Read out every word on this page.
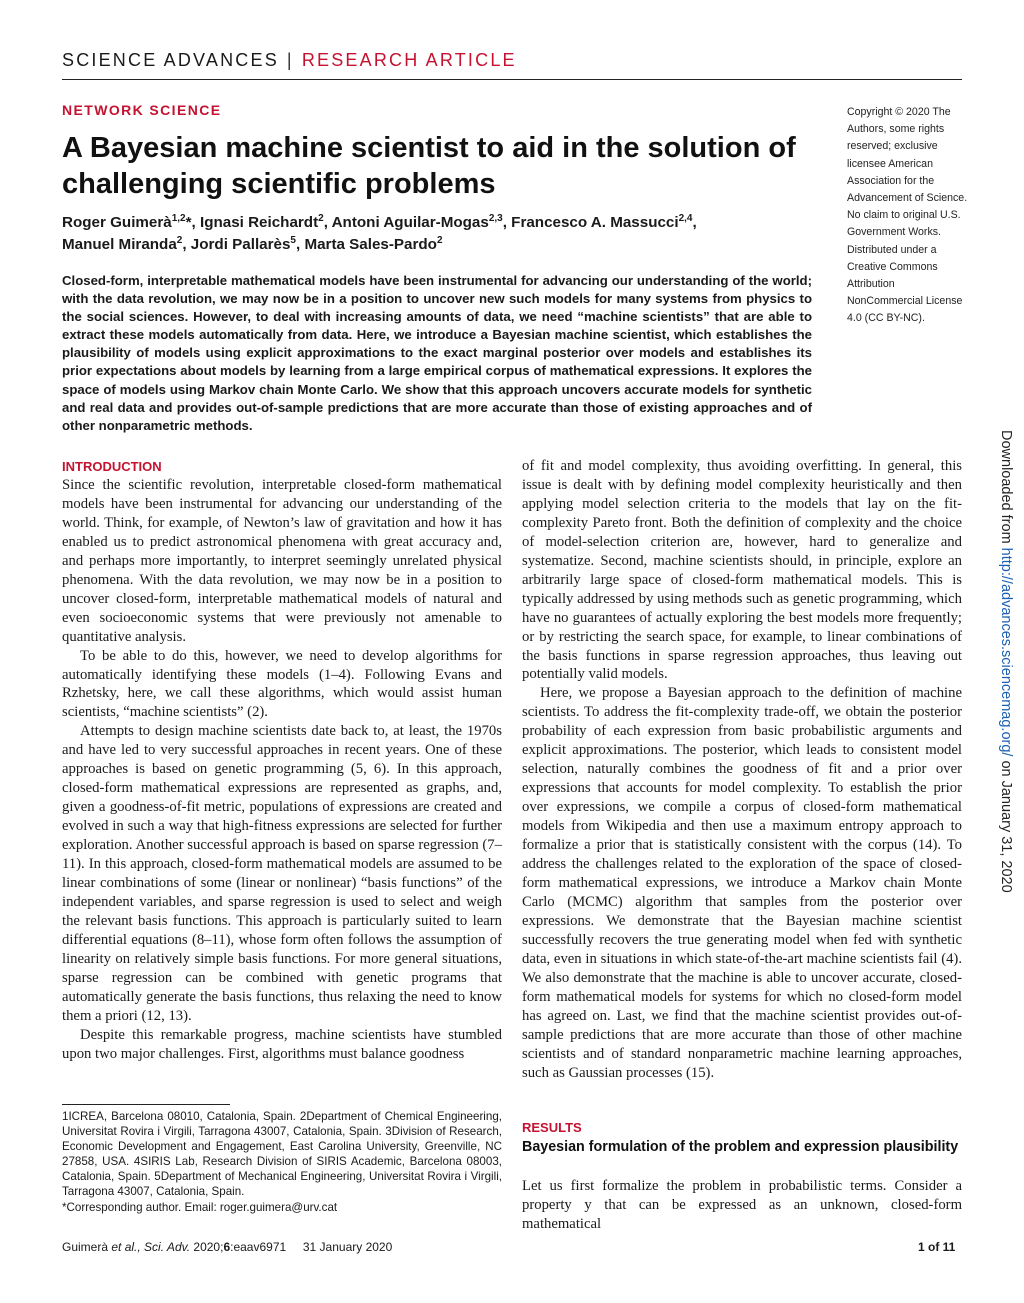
SCIENCE ADVANCES | RESEARCH ARTICLE
NETWORK SCIENCE
A Bayesian machine scientist to aid in the solution of challenging scientific problems
Roger Guimerà$^{1,2}$*, Ignasi Reichardt$^2$, Antoni Aguilar-Mogas$^{2,3}$, Francesco A. Massucci$^{2,4}$,
Manuel Miranda$^2$, Jordi Pallarès$^5$, Marta Sales-Pardo$^2$
Closed-form, interpretable mathematical models have been instrumental for advancing our understanding of the world; with the data revolution, we may now be in a position to uncover new such models for many systems from physics to the social sciences. However, to deal with increasing amounts of data, we need “machine scientists” that are able to extract these models automatically from data. Here, we introduce a Bayesian machine scientist, which establishes the plausibility of models using explicit approximations to the exact marginal posterior over models and establishes its prior expectations about models by learning from a large empirical corpus of mathematical expressions. It explores the space of models using Markov chain Monte Carlo. We show that this approach uncovers accurate models for synthetic and real data and provides out-of-sample predictions that are more accurate than those of existing approaches and of other nonparametric methods.
Copyright © 2020 The Authors, some rights reserved; exclusive licensee American Association for the Advancement of Science. No claim to original U.S. Government Works. Distributed under a Creative Commons Attribution NonCommercial License 4.0 (CC BY-NC).
Downloaded from http://advances.sciencemag.org/ on January 31, 2020
INTRODUCTION

Since the scientific revolution, interpretable closed-form mathematical models have been instrumental for advancing our understanding of the world. Think, for example, of Newton’s law of gravitation and how it has enabled us to predict astronomical phenomena with great accuracy and, and perhaps more importantly, to interpret seemingly unrelated physical phenomena. With the data revolution, we may now be in a position to uncover closed-form, interpretable mathematical models of natural and even socioeconomic systems that were previously not amenable to quantitative analysis.

To be able to do this, however, we need to develop algorithms for automatically identifying these models (1–4). Following Evans and Rzhetsky, here, we call these algorithms, which would assist human scientists, “machine scientists” (2).

Attempts to design machine scientists date back to, at least, the 1970s and have led to very successful approaches in recent years. One of these approaches is based on genetic programming (5, 6). In this approach, closed-form mathematical expressions are represented as graphs, and, given a goodness-of-fit metric, populations of expressions are created and evolved in such a way that high-fitness expressions are selected for further exploration. Another successful approach is based on sparse regression (7–11). In this approach, closed-form mathematical models are assumed to be linear combinations of some (linear or nonlinear) “basis functions” of the independent variables, and sparse regression is used to select and weigh the relevant basis functions. This approach is particularly suited to learn differential equations (8–11), whose form often follows the assumption of linearity on relatively simple basis functions. For more general situations, sparse regression can be combined with genetic programs that automatically generate the basis functions, thus relaxing the need to know them a priori (12, 13).

Despite this remarkable progress, machine scientists have stumbled upon two major challenges. First, algorithms must balance goodness

of fit and model complexity, thus avoiding overfitting. In general, this issue is dealt with by defining model complexity heuristically and then applying model selection criteria to the models that lay on the fit-complexity Pareto front. Both the definition of complexity and the choice of model-selection criterion are, however, hard to generalize and systematize. Second, machine scientists should, in principle, explore an arbitrarily large space of closed-form mathematical models. This is typically addressed by using methods such as genetic programming, which have no guarantees of actually exploring the best models more frequently; or by restricting the search space, for example, to linear combinations of the basis functions in sparse regression approaches, thus leaving out potentially valid models.

Here, we propose a Bayesian approach to the definition of machine scientists. To address the fit-complexity trade-off, we obtain the posterior probability of each expression from basic probabilistic arguments and explicit approximations. The posterior, which leads to consistent model selection, naturally combines the goodness of fit and a prior over expressions that accounts for model complexity. To establish the prior over expressions, we compile a corpus of closed-form mathematical models from Wikipedia and then use a maximum entropy approach to formalize a prior that is statistically consistent with the corpus (14). To address the challenges related to the exploration of the space of closed-form mathematical expressions, we introduce a Markov chain Monte Carlo (MCMC) algorithm that samples from the posterior over expressions. We demonstrate that the Bayesian machine scientist successfully recovers the true generating model when fed with synthetic data, even in situations in which state-of-the-art machine scientists fail (4). We also demonstrate that the machine is able to uncover accurate, closed-form mathematical models for systems for which no closed-form model has agreed on. Last, we find that the machine scientist provides out-of-sample predictions that are more accurate than those of other machine scientists and of standard nonparametric machine learning approaches, such as Gaussian processes (15).

RESULTS
Bayesian formulation of the problem and expression plausibility

Let us first formalize the problem in probabilistic terms. Consider a property y that can be expressed as an unknown, closed-form mathematical

1ICREA, Barcelona 08010, Catalonia, Spain. 2Department of Chemical Engineering, Universitat Rovira i Virgili, Tarragona 43007, Catalonia, Spain. 3Division of Research, Economic Development and Engagement, East Carolina University, Greenville, NC 27858, USA. 4SIRIS Lab, Research Division of SIRIS Academic, Barcelona 08003, Catalonia, Spain. 5Department of Mechanical Engineering, Universitat Rovira i Virgili, Tarragona 43007, Catalonia, Spain.
*Corresponding author. Email: roger.guimera@urv.cat
Guimerà et al., Sci. Adv. 2020;6:eaav6971 31 January 2020	1 of 11
